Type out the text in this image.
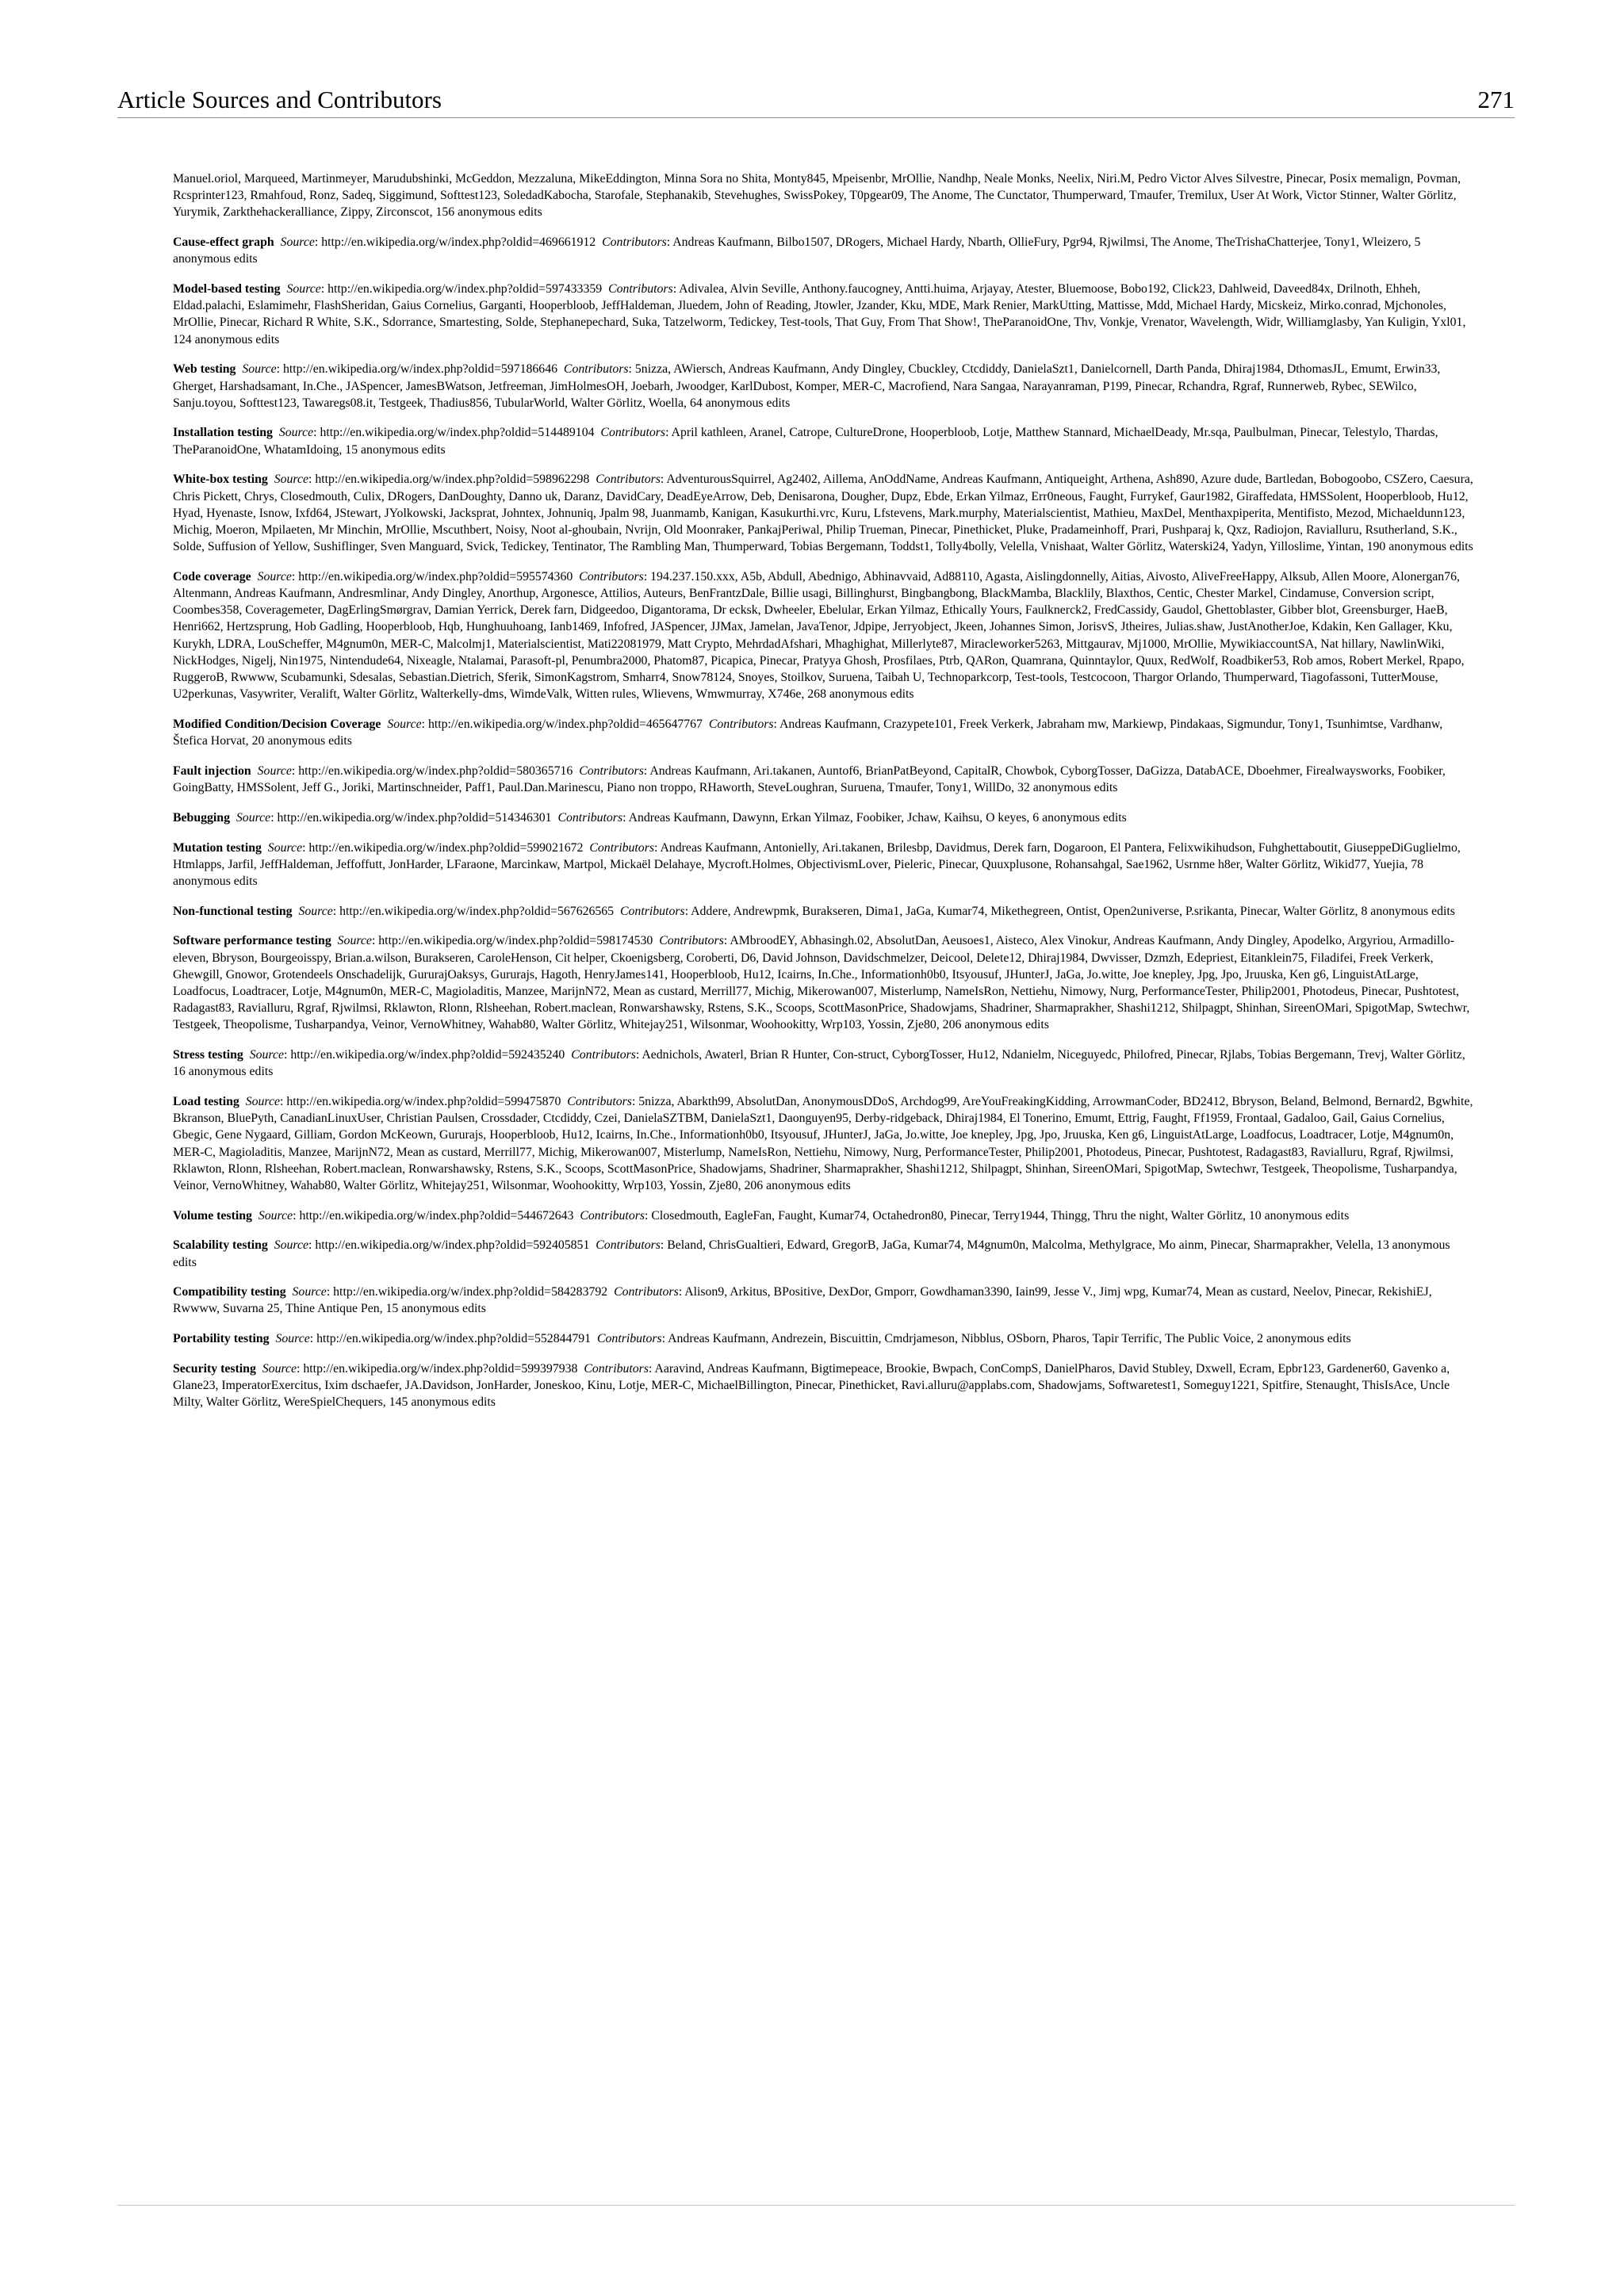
Article Sources and Contributors	271

Manuel.oriol, Marqueed, Martinmeyer, Marudubshinki, McGeddon, Mezzaluna, MikeEddington, Minna Sora no Shita, Monty845, Mpeisenbr, MrOllie, Nandhp, Neale Monks, Neelix, Niri.M, Pedro Victor Alves Silvestre, Pinecar, Posix memalign, Povman, Rcsprinter123, Rmahfoud, Ronz, Sadeq, Siggimund, Softtest123, SoledadKabocha, Starofale, Stephanakib, Stevehughes, SwissPokey, T0pgear09, The Anome, The Cunctator, Thumperward, Tmaufer, Tremilux, User At Work, Victor Stinner, Walter Görlitz, Yurymik, Zarkthehackeralliance, Zippy, Zirconscot, 156 anonymous edits

Cause-effect graph Source: http://en.wikipedia.org/w/index.php?oldid=469661912 Contributors: Andreas Kaufmann, Bilbo1507, DRogers, Michael Hardy, Nbarth, OllieFury, Pgr94, Rjwilmsi, The Anome, TheTrishaChatterjee, Tony1, Wleizero, 5 anonymous edits

Model-based testing Source: http://en.wikipedia.org/w/index.php?oldid=597433359 Contributors: Adivalea, Alvin Seville, Anthony.faucogney, Antti.huima, Arjayay, Atester, Bluemoose, Bobo192, Click23, Dahlweid, Daveed84x, Drilnoth, Ehheh, Eldad.palachi, Eslamimehr, FlashSheridan, Gaius Cornelius, Garganti, Hooperbloob, JeffHaldeman, Jluedem, John of Reading, Jtowler, Jzander, Kku, MDE, Mark Renier, MarkUtting, Mattisse, Mdd, Michael Hardy, Micskeiz, Mirko.conrad, Mjchonoles, MrOllie, Pinecar, Richard R White, S.K., Sdorrance, Smartesting, Solde, Stephanepechard, Suka, Tatzelworm, Tedickey, Test-tools, That Guy, From That Show!, TheParanoidOne, Thv, Vonkje, Vrenator, Wavelength, Widr, Williamglasby, Yan Kuligin, Yxl01, 124 anonymous edits

Web testing Source: http://en.wikipedia.org/w/index.php?oldid=597186646 Contributors: 5nizza, AWiersch, Andreas Kaufmann, Andy Dingley, Cbuckley, Ctcdiddy, DanielaSzt1, Danielcornell, Darth Panda, Dhiraj1984, DthomasJL, Emumt, Erwin33, Gherget, Harshadsamant, In.Che., JASpencer, JamesBWatson, Jetfreeman, JimHolmesOH, Joebarh, Jwoodger, KarlDubost, Komper, MER-C, Macrofiend, Nara Sangaa, Narayanraman, P199, Pinecar, Rchandra, Rgraf, Runnerweb, Rybec, SEWilco, Sanju.toyou, Softtest123, Tawaregs08.it, Testgeek, Thadius856, TubularWorld, Walter Görlitz, Woella, 64 anonymous edits

Installation testing Source: http://en.wikipedia.org/w/index.php?oldid=514489104 Contributors: April kathleen, Aranel, Catrope, CultureDrone, Hooperbloob, Lotje, Matthew Stannard, MichaelDeady, Mr.sqa, Paulbulman, Pinecar, Telestylo, Thardas, TheParanoidOne, WhatamIdoing, 15 anonymous edits

White-box testing Source: http://en.wikipedia.org/w/index.php?oldid=598962298 Contributors: AdventurousSquirrel, Ag2402, Aillema, AnOddName, Andreas Kaufmann, Antiqueight, Arthena, Ash890, Azure dude, Bartledan, Bobogoobo, CSZero, Caesura, Chris Pickett, Chrys, Closedmouth, Culix, DRogers, DanDoughty, Danno uk, Daranz, DavidCary, DeadEyeArrow, Deb, Denisarona, Dougher, Dupz, Ebde, Erkan Yilmaz, Err0neous, Faught, Furrykef, Gaur1982, Giraffedata, HMSSolent, Hooperbloob, Hu12, Hyad, Hyenaste, Isnow, Ixfd64, JStewart, JYolkowski, Jacksprat, Johntex, Johnuniq, Jpalm 98, Juanmamb, Kanigan, Kasukurthi.vrc, Kuru, Lfstevens, Mark.murphy, Materialscientist, Mathieu, MaxDel, Menthaxpiperita, Mentifisto, Mezod, Michaeldunn123, Michig, Moeron, Mpilaeten, Mr Minchin, MrOllie, Mscuthbert, Noisy, Noot al-ghoubain, Nvrijn, Old Moonraker, PankajPeriwal, Philip Trueman, Pinecar, Pinethicket, Pluke, Pradameinhoff, Prari, Pushparaj k, Qxz, Radiojon, Ravialluru, Rsutherland, S.K., Solde, Suffusion of Yellow, Sushiflinger, Sven Manguard, Svick, Tedickey, Tentinator, The Rambling Man, Thumperward, Tobias Bergemann, Toddst1, Tolly4bolly, Velella, Vnishaat, Walter Görlitz, Waterski24, Yadyn, Yilloslime, Yintan, 190 anonymous edits

Code coverage Source: http://en.wikipedia.org/w/index.php?oldid=595574360 Contributors: 194.237.150.xxx, A5b, Abdull, Abednigo, Abhinavvaid, Ad88110, Agasta, Aislingdonnelly, Aitias, Aivosto, AliveFreeHappy, Alksub, Allen Moore, Alonergan76, Altenmann, Andreas Kaufmann, Andresmlinar, Andy Dingley, Anorthup, Argonesce, Attilios, Auteurs, BenFrantzDale, Billie usagi, Billinghurst, Bingbangbong, BlackMamba, Blacklily, Blaxthos, Centic, Chester Markel, Cindamuse, Conversion script, Coombes358, Coveragemeter, DagErlingSmørgrav, Damian Yerrick, Derek farn, Didgeedoo, Digantorama, Dr ecksk, Dwheeler, Ebelular, Erkan Yilmaz, Ethically Yours, Faulknerck2, FredCassidy, Gaudol, Ghettoblaster, Gibber blot, Greensburger, HaeB, Henri662, Hertzsprung, Hob Gadling, Hooperbloob, Hqb, Hunghuuhoang, Ianb1469, Infofred, JASpencer, JJMax, Jamelan, JavaTenor, Jdpipe, Jerryobject, Jkeen, Johannes Simon, JorisvS, Jtheires, Julias.shaw, JustAnotherJoe, Kdakin, Ken Gallager, Kku, Kurykh, LDRA, LouScheffer, M4gnum0n, MER-C, Malcolmj1, Materialscientist, Mati22081979, Matt Crypto, MehrdadAfshari, Mhaghighat, Millerlyte87, Miracleworker5263, Mittgaurav, Mj1000, MrOllie, MywikiaccountSA, Nat hillary, NawlinWiki, NickHodges, Nigelj, Nin1975, Nintendude64, Nixeagle, Ntalamai, Parasoft-pl, Penumbra2000, Phatom87, Picapica, Pinecar, Pratyya Ghosh, Prosfilaes, Ptrb, QARon, Quamrana, Quinntaylor, Quux, RedWolf, Roadbiker53, Rob amos, Robert Merkel, Rpapo, RuggeroB, Rwwww, Scubamunki, Sdesalas, Sebastian.Dietrich, Sferik, SimonKagstrom, Smharr4, Snow78124, Snoyes, Stoilkov, Suruena, Taibah U, Technoparkcorp, Test-tools, Testcocoon, Thargor Orlando, Thumperward, Tiagofassoni, TutterMouse, U2perkunas, Vasywriter, Veralift, Walter Görlitz, Walterkelly-dms, WimdeValk, Witten rules, Wlievens, Wmwmurray, X746e, 268 anonymous edits

Modified Condition/Decision Coverage Source: http://en.wikipedia.org/w/index.php?oldid=465647767 Contributors: Andreas Kaufmann, Crazypete101, Freek Verkerk, Jabraham mw, Markiewp, Pindakaas, Sigmundur, Tony1, Tsunhimtse, Vardhanw, Štefica Horvat, 20 anonymous edits

Fault injection Source: http://en.wikipedia.org/w/index.php?oldid=580365716 Contributors: Andreas Kaufmann, Ari.takanen, Auntof6, BrianPatBeyond, CapitalR, Chowbok, CyborgTosser, DaGizza, DatabACE, Dboehmer, Firealwaysworks, Foobiker, GoingBatty, HMSSolent, Jeff G., Joriki, Martinschneider, Paff1, Paul.Dan.Marinescu, Piano non troppo, RHaworth, SteveLoughran, Suruena, Tmaufer, Tony1, WillDo, 32 anonymous edits

Bebugging Source: http://en.wikipedia.org/w/index.php?oldid=514346301 Contributors: Andreas Kaufmann, Dawynn, Erkan Yilmaz, Foobiker, Jchaw, Kaihsu, O keyes, 6 anonymous edits

Mutation testing Source: http://en.wikipedia.org/w/index.php?oldid=599021672 Contributors: Andreas Kaufmann, Antonielly, Ari.takanen, Brilesbp, Davidmus, Derek farn, Dogaroon, El Pantera, Felixwikihudson, Fuhghettaboutit, GiuseppeDiGuglielmo, Htmlapps, Jarfil, JeffHaldeman, Jeffoffutt, JonHarder, LFaraone, Marcinkaw, Martpol, Mickaël Delahaye, Mycroft.Holmes, ObjectivismLover, Pieleric, Pinecar, Quuxplusone, Rohansahgal, Sae1962, Usrnme h8er, Walter Görlitz, Wikid77, Yuejia, 78 anonymous edits

Non-functional testing Source: http://en.wikipedia.org/w/index.php?oldid=567626565 Contributors: Addere, Andrewpmk, Burakseren, Dima1, JaGa, Kumar74, Mikethegreen, Ontist, Open2universe, P.srikanta, Pinecar, Walter Görlitz, 8 anonymous edits

Software performance testing Source: http://en.wikipedia.org/w/index.php?oldid=598174530 Contributors: AMbroodEY, Abhasingh.02, AbsolutDan, Aeusoes1, Aisteco, Alex Vinokur, Andreas Kaufmann, Andy Dingley, Apodelko, Argyriou, Armadillo-eleven, Bbryson, Bourgeoisspy, Brian.a.wilson, Burakseren, CaroleHenson, Cit helper, Ckoenigsberg, Coroberti, D6, David Johnson, Davidschmelzer, Deicool, Delete12, Dhiraj1984, Dwvisser, Dzmzh, Edepriest, Eitanklein75, Filadifei, Freek Verkerk, Ghewgill, Gnowor, Grotendeels Onschadelijk, GururajOaksys, Gururajs, Hagoth, HenryJames141, Hooperbloob, Hu12, Icairns, In.Che., Informationh0b0, Itsyousuf, JHunterJ, JaGa, Jo.witte, Joe knepley, Jpg, Jpo, Jruuska, Ken g6, LinguistAtLarge, Loadfocus, Loadtracer, Lotje, M4gnum0n, MER-C, Magioladitis, Manzee, MarijnN72, Mean as custard, Merrill77, Michig, Mikerowan007, Misterlump, NameIsRon, Nettiehu, Nimowy, Nurg, PerformanceTester, Philip2001, Photodeus, Pinecar, Pushtotest, Radagast83, Ravialluru, Rgraf, Rjwilmsi, Rklawton, Rlonn, Rlsheehan, Robert.maclean, Ronwarshawsky, Rstens, S.K., Scoops, ScottMasonPrice, Shadowjams, Shadriner, Sharmaprakher, Shashi1212, Shilpagpt, Shinhan, SireenOMari, SpigotMap, Swtechwr, Testgeek, Theopolisme, Tusharpandya, Veinor, VernoWhitney, Wahab80, Walter Görlitz, Whitejay251, Wilsonmar, Woohookitty, Wrp103, Yossin, Zje80, 206 anonymous edits

Stress testing Source: http://en.wikipedia.org/w/index.php?oldid=592435240 Contributors: Aednichols, Awaterl, Brian R Hunter, Con-struct, CyborgTosser, Hu12, Ndanielm, Niceguyedc, Philofred, Pinecar, Rjlabs, Tobias Bergemann, Trevj, Walter Görlitz, 16 anonymous edits

Load testing Source: http://en.wikipedia.org/w/index.php?oldid=599475870 Contributors: 5nizza, Abarkth99, AbsolutDan, AnonymousDDoS, Archdog99, AreYouFreakingKidding, ArrowmanCoder, BD2412, Bbryson, Beland, Belmond, Bernard2, Bgwhite, Bkranson, BluePyth, CanadianLinuxUser, Christian Paulsen, Crossdader, Ctcdiddy, Czei, DanielaSZTBM, DanielaSzt1, Daonguyen95, Derby-ridgeback, Dhiraj1984, El Tonerino, Emumt, Ettrig, Faught, Ff1959, Frontaal, Gadaloo, Gail, Gaius Cornelius, Gbegic, Gene Nygaard, Gilliam, Gordon McKeown, Gururajs, Hooperbloob, Hu12, Icairns, In.Che., Informationh0b0, Itsyousuf, JHunterJ, JaGa, Jo.witte, Joe knepley, Jpg, Jpo, Jruuska, Ken g6, LinguistAtLarge, Loadfocus, Loadtracer, Lotje, M4gnum0n, MER-C, Magioladitis, Manzee, MarijnN72, Mean as custard, Merrill77, Michig, Mikerowan007, Misterlump, NameIsRon, Nettiehu, Nimowy, Nurg, PerformanceTester, Philip2001, Photodeus, Pinecar, Pushtotest, Radagast83, Ravialluru, Rgraf, Rjwilmsi, Rklawton, Rlonn, Rlsheehan, Robert.maclean, Ronwarshawsky, Rstens, S.K., Scoops, ScottMasonPrice, Shadowjams, Shadriner, Sharmaprakher, Shashi1212, Shilpagpt, Shinhan, SireenOMari, SpigotMap, Swtechwr, Testgeek, Theopolisme, Tusharpandya, Veinor, VernoWhitney, Wahab80, Walter Görlitz, Whitejay251, Wilsonmar, Woohookitty, Wrp103, Yossin, Zje80, 206 anonymous edits

Volume testing Source: http://en.wikipedia.org/w/index.php?oldid=544672643 Contributors: Closedmouth, EagleFan, Faught, Kumar74, Octahedron80, Pinecar, Terry1944, Thingg, Thru the night, Walter Görlitz, 10 anonymous edits

Scalability testing Source: http://en.wikipedia.org/w/index.php?oldid=592405851 Contributors: Beland, ChrisGualtieri, Edward, GregorB, JaGa, Kumar74, M4gnum0n, Malcolma, Methylgrace, Mo ainm, Pinecar, Sharmaprakher, Velella, 13 anonymous edits

Compatibility testing Source: http://en.wikipedia.org/w/index.php?oldid=584283792 Contributors: Alison9, Arkitus, BPositive, DexDor, Gmporr, Gowdhaman3390, Iain99, Jesse V., Jimj wpg, Kumar74, Mean as custard, Neelov, Pinecar, RekishiEJ, Rwwww, Suvarna 25, Thine Antique Pen, 15 anonymous edits

Portability testing Source: http://en.wikipedia.org/w/index.php?oldid=552844791 Contributors: Andreas Kaufmann, Andrezein, Biscuittin, Cmdrjameson, Nibblus, OSborn, Pharos, Tapir Terrific, The Public Voice, 2 anonymous edits

Security testing Source: http://en.wikipedia.org/w/index.php?oldid=599397938 Contributors: Aaravind, Andreas Kaufmann, Bigtimepeace, Brookie, Bwpach, ConCompS, DanielPharos, David Stubley, Dxwell, Ecram, Epbr123, Gardener60, Gavenko a, Glane23, ImperatorExercitus, Ixim dschaefer, JA.Davidson, JonHarder, Joneskoo, Kinu, Lotje, MER-C, MichaelBillington, Pinecar, Pinethicket, Ravi.alluru@applabs.com, Shadowjams, Softwaretest1, Someguy1221, Spitfire, Stenaught, ThisIsAce, Uncle Milty, Walter Görlitz, WereSpielChequers, 145 anonymous edits
